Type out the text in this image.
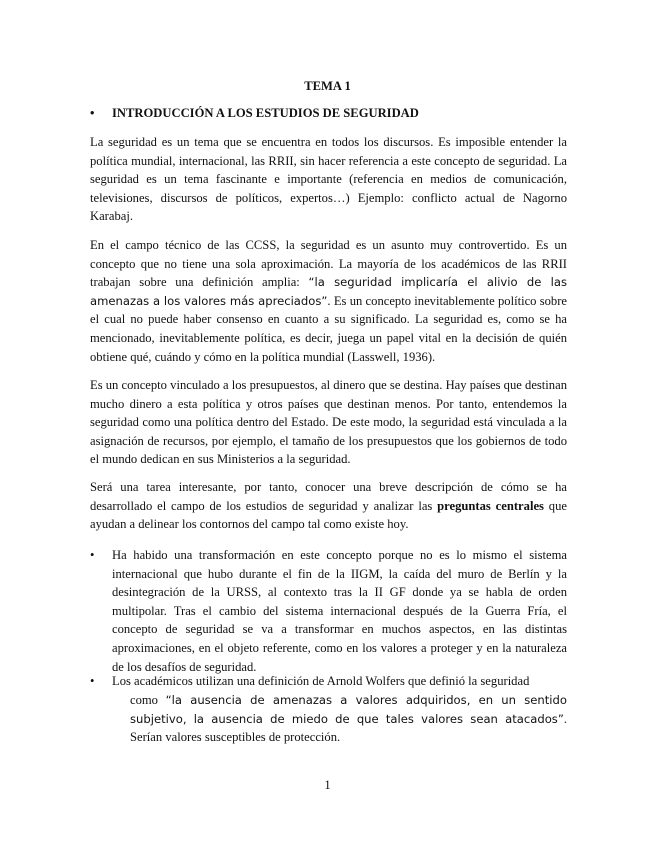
TEMA 1
• INTRODUCCIÓN A LOS ESTUDIOS DE SEGURIDAD

La seguridad es un tema que se encuentra en todos los discursos. Es imposible entender la política mundial, internacional, las RRII, sin hacer referencia a este concepto de seguridad. La seguridad es un tema fascinante e importante (referencia en medios de comunicación, televisiones, discursos de políticos, expertos…) Ejemplo: conflicto actual de Nagorno Karabaj.

En el campo técnico de las CCSS, la seguridad es un asunto muy controvertido. Es un concepto que no tiene una sola aproximación. La mayoría de los académicos de las RRII trabajan sobre una definición amplia: “la seguridad implicaría el alivio de las amenazas a los valores más apreciados”. Es un concepto inevitablemente político sobre el cual no puede haber consenso en cuanto a su significado. La seguridad es, como se ha mencionado, inevitablemente política, es decir, juega un papel vital en la decisión de quién obtiene qué, cuándo y cómo en la política mundial (Lasswell, 1936).

Es un concepto vinculado a los presupuestos, al dinero que se destina. Hay países que destinan mucho dinero a esta política y otros países que destinan menos. Por tanto, entendemos la seguridad como una política dentro del Estado. De este modo, la seguridad está vinculada a la asignación de recursos, por ejemplo, el tamaño de los presupuestos que los gobiernos de todo el mundo dedican en sus Ministerios a la seguridad.

Será una tarea interesante, por tanto, conocer una breve descripción de cómo se ha desarrollado el campo de los estudios de seguridad y analizar las preguntas centrales que ayudan a delinear los contornos del campo tal como existe hoy.

• Ha habido una transformación en este concepto porque no es lo mismo el sistema internacional que hubo durante el fin de la IIGM, la caída del muro de Berlín y la desintegración de la URSS, al contexto tras la II GF donde ya se habla de orden multipolar. Tras el cambio del sistema internacional después de la Guerra Fría, el concepto de seguridad se va a transformar en muchos aspectos, en las distintas aproximaciones, en el objeto referente, como en los valores a proteger y en la naturaleza de los desafíos de seguridad.
• Los académicos utilizan una definición de Arnold Wolfers que definió la seguridad
como “la ausencia de amenazas a valores adquiridos, en un sentido subjetivo, la ausencia de miedo de que tales valores sean atacados”. Serían valores susceptibles de protección.
1
